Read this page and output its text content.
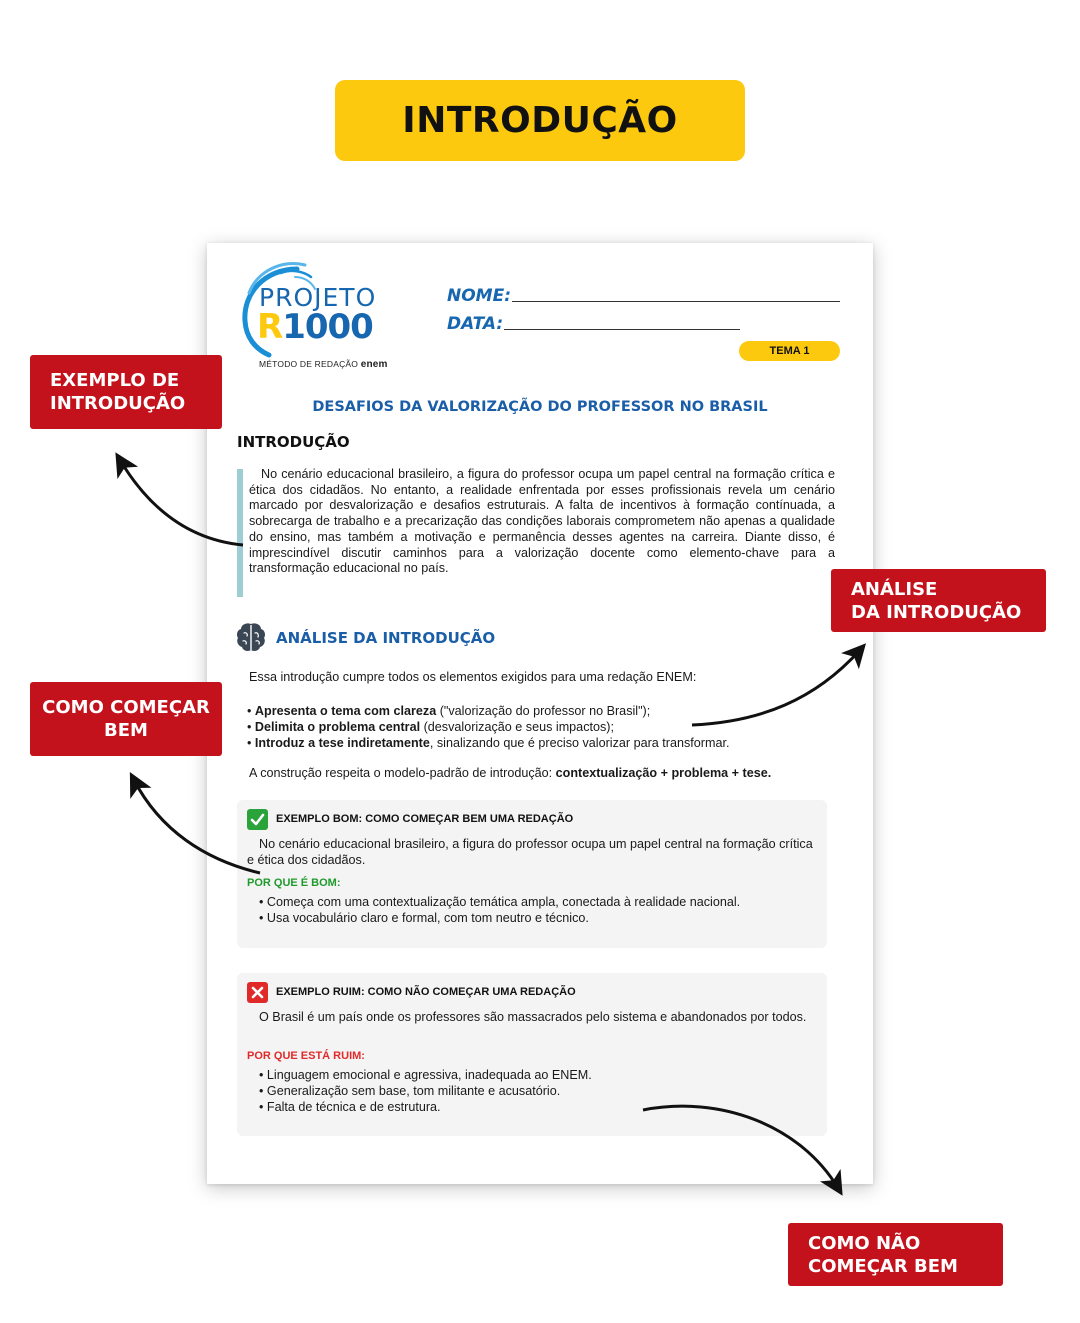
INTRODUÇÃO
PROJETO
R1000
MÉTODO DE REDAÇÃO enem
NOME:
DATA:
TEMA 1
DESAFIOS DA VALORIZAÇÃO DO PROFESSOR NO BRASIL
INTRODUÇÃO

No cenário educacional brasileiro, a figura do professor ocupa um papel central na formação crítica e ética dos cidadãos. No entanto, a realidade enfrentada por esses profissionais revela um cenário marcado por desvalorização e desafios estruturais. A falta de incentivos à formação contínuada, a sobrecarga de trabalho e a precarização das condições laborais comprometem não apenas a qualidade do ensino, mas também a motivação e permanência desses agentes na carreira. Diante disso, é imprescindível discutir caminhos para a valorização docente como elemento-chave para a transformação educacional no país.

ANÁLISE DA INTRODUÇÃO
Essa introdução cumpre todos os elementos exigidos para uma redação ENEM:
• Apresenta o tema com clareza ("valorização do professor no Brasil");
• Delimita o problema central (desvalorização e seus impactos);
• Introduz a tese indiretamente, sinalizando que é preciso valorizar para transformar.
A construção respeita o modelo-padrão de introdução: contextualização + problema + tese.
EXEMPLO BOM: COMO COMEÇAR BEM UMA REDAÇÃO

No cenário educacional brasileiro, a figura do professor ocupa um papel central na formação crítica e ética dos cidadãos.

POR QUE É BOM:
• Começa com uma contextualização temática ampla, conectada à realidade nacional.
• Usa vocabulário claro e formal, com tom neutro e técnico.
EXEMPLO RUIM: COMO NÃO COMEÇAR UMA REDAÇÃO

O Brasil é um país onde os professores são massacrados pelo sistema e abandonados por todos.

POR QUE ESTÁ RUIM:
• Linguagem emocional e agressiva, inadequada ao ENEM.
• Generalização sem base, tom militante e acusatório.
• Falta de técnica e de estrutura.
EXEMPLO DE
INTRODUÇÃO
ANÁLISE
DA INTRODUÇÃO
COMO COMEÇAR
BEM
COMO NÃO
COMEÇAR BEM
